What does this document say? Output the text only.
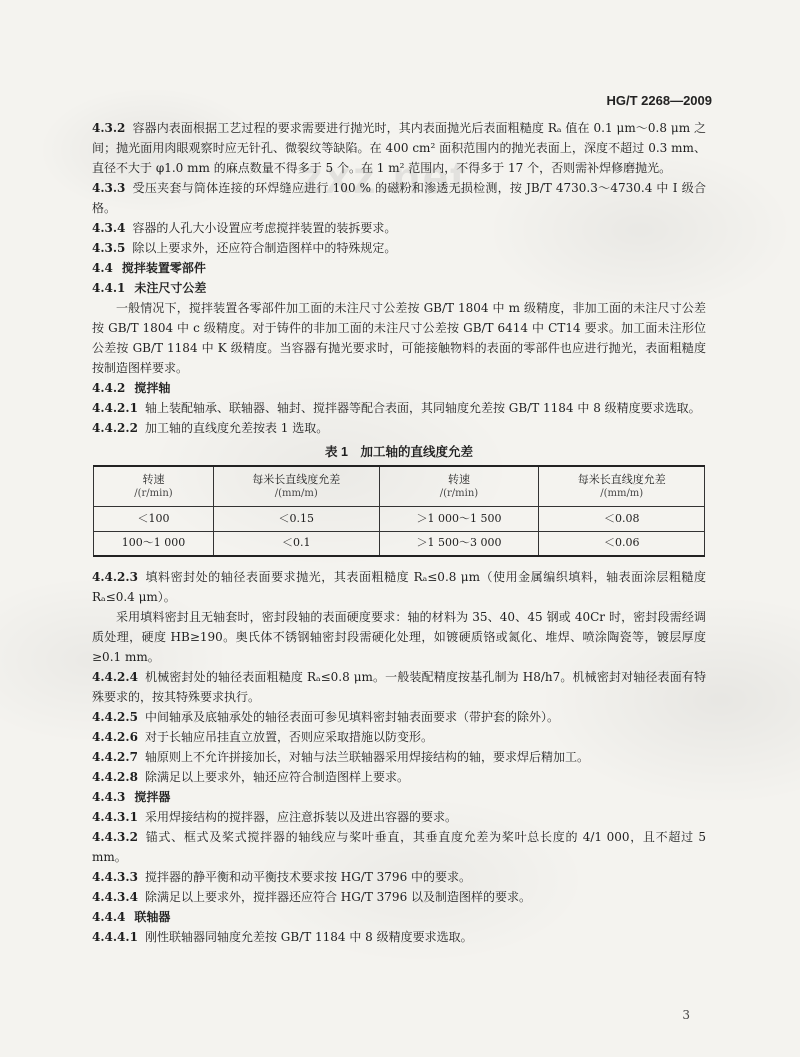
zxz.net
HG/T 2268—2009
4.3.2 容器内表面根据工艺过程的要求需要进行抛光时，其内表面抛光后表面粗糙度 Rₐ 值在 0.1 μm～0.8 μm 之间；抛光面用肉眼观察时应无针孔、微裂纹等缺陷。在 400 cm² 面积范围内的抛光表面上，深度不超过 0.3 mm、直径不大于 φ1.0 mm 的麻点数量不得多于 5 个。在 1 m² 范围内，不得多于 17 个，否则需补焊修磨抛光。
4.3.3 受压夹套与筒体连接的环焊缝应进行 100 % 的磁粉和渗透无损检测，按 JB/T 4730.3～4730.4 中 Ⅰ 级合格。
4.3.4 容器的人孔大小设置应考虑搅拌装置的装拆要求。
4.3.5 除以上要求外，还应符合制造图样中的特殊规定。
4.4 搅拌装置零部件
4.4.1 未注尺寸公差
一般情况下，搅拌装置各零部件加工面的未注尺寸公差按 GB/T 1804 中 m 级精度，非加工面的未注尺寸公差按 GB/T 1804 中 c 级精度。对于铸件的非加工面的未注尺寸公差按 GB/T 6414 中 CT14 要求。加工面未注形位公差按 GB/T 1184 中 K 级精度。当容器有抛光要求时，可能接触物料的表面的零部件也应进行抛光，表面粗糙度按制造图样要求。
4.4.2 搅拌轴
4.4.2.1 轴上装配轴承、联轴器、轴封、搅拌器等配合表面，其同轴度允差按 GB/T 1184 中 8 级精度要求选取。
4.4.2.2 加工轴的直线度允差按表 1 选取。
表 1　加工轴的直线度允差
转速
/(r/min)	每米长直线度允差
/(mm/m)	转速
/(r/min)	每米长直线度允差
/(mm/m)

＜100	＜0.15	＞1 000～1 500	＜0.08
100～1 000	＜0.1	＞1 500～3 000	＜0.06
4.4.2.3 填料密封处的轴径表面要求抛光，其表面粗糙度 Rₐ≤0.8 μm（使用金属编织填料，轴表面涂层粗糙度 Rₐ≤0.4 μm）。
采用填料密封且无轴套时，密封段轴的表面硬度要求：轴的材料为 35、40、45 钢或 40Cr 时，密封段需经调质处理，硬度 HB≥190。奥氏体不锈钢轴密封段需硬化处理，如镀硬质铬或氮化、堆焊、喷涂陶瓷等，镀层厚度≥0.1 mm。
4.4.2.4 机械密封处的轴径表面粗糙度 Rₐ≤0.8 μm。一般装配精度按基孔制为 H8/h7。机械密封对轴径表面有特殊要求的，按其特殊要求执行。
4.4.2.5 中间轴承及底轴承处的轴径表面可参见填料密封轴表面要求（带护套的除外）。
4.4.2.6 对于长轴应吊挂直立放置，否则应采取措施以防变形。
4.4.2.7 轴原则上不允许拼接加长，对轴与法兰联轴器采用焊接结构的轴，要求焊后精加工。
4.4.2.8 除满足以上要求外，轴还应符合制造图样上要求。
4.4.3 搅拌器
4.4.3.1 采用焊接结构的搅拌器，应注意拆装以及进出容器的要求。
4.4.3.2 锚式、框式及桨式搅拌器的轴线应与桨叶垂直，其垂直度允差为桨叶总长度的 4/1 000，且不超过 5 mm。
4.4.3.3 搅拌器的静平衡和动平衡技术要求按 HG/T 3796 中的要求。
4.4.3.4 除满足以上要求外，搅拌器还应符合 HG/T 3796 以及制造图样的要求。
4.4.4 联轴器
4.4.4.1 刚性联轴器同轴度允差按 GB/T 1184 中 8 级精度要求选取。
3
